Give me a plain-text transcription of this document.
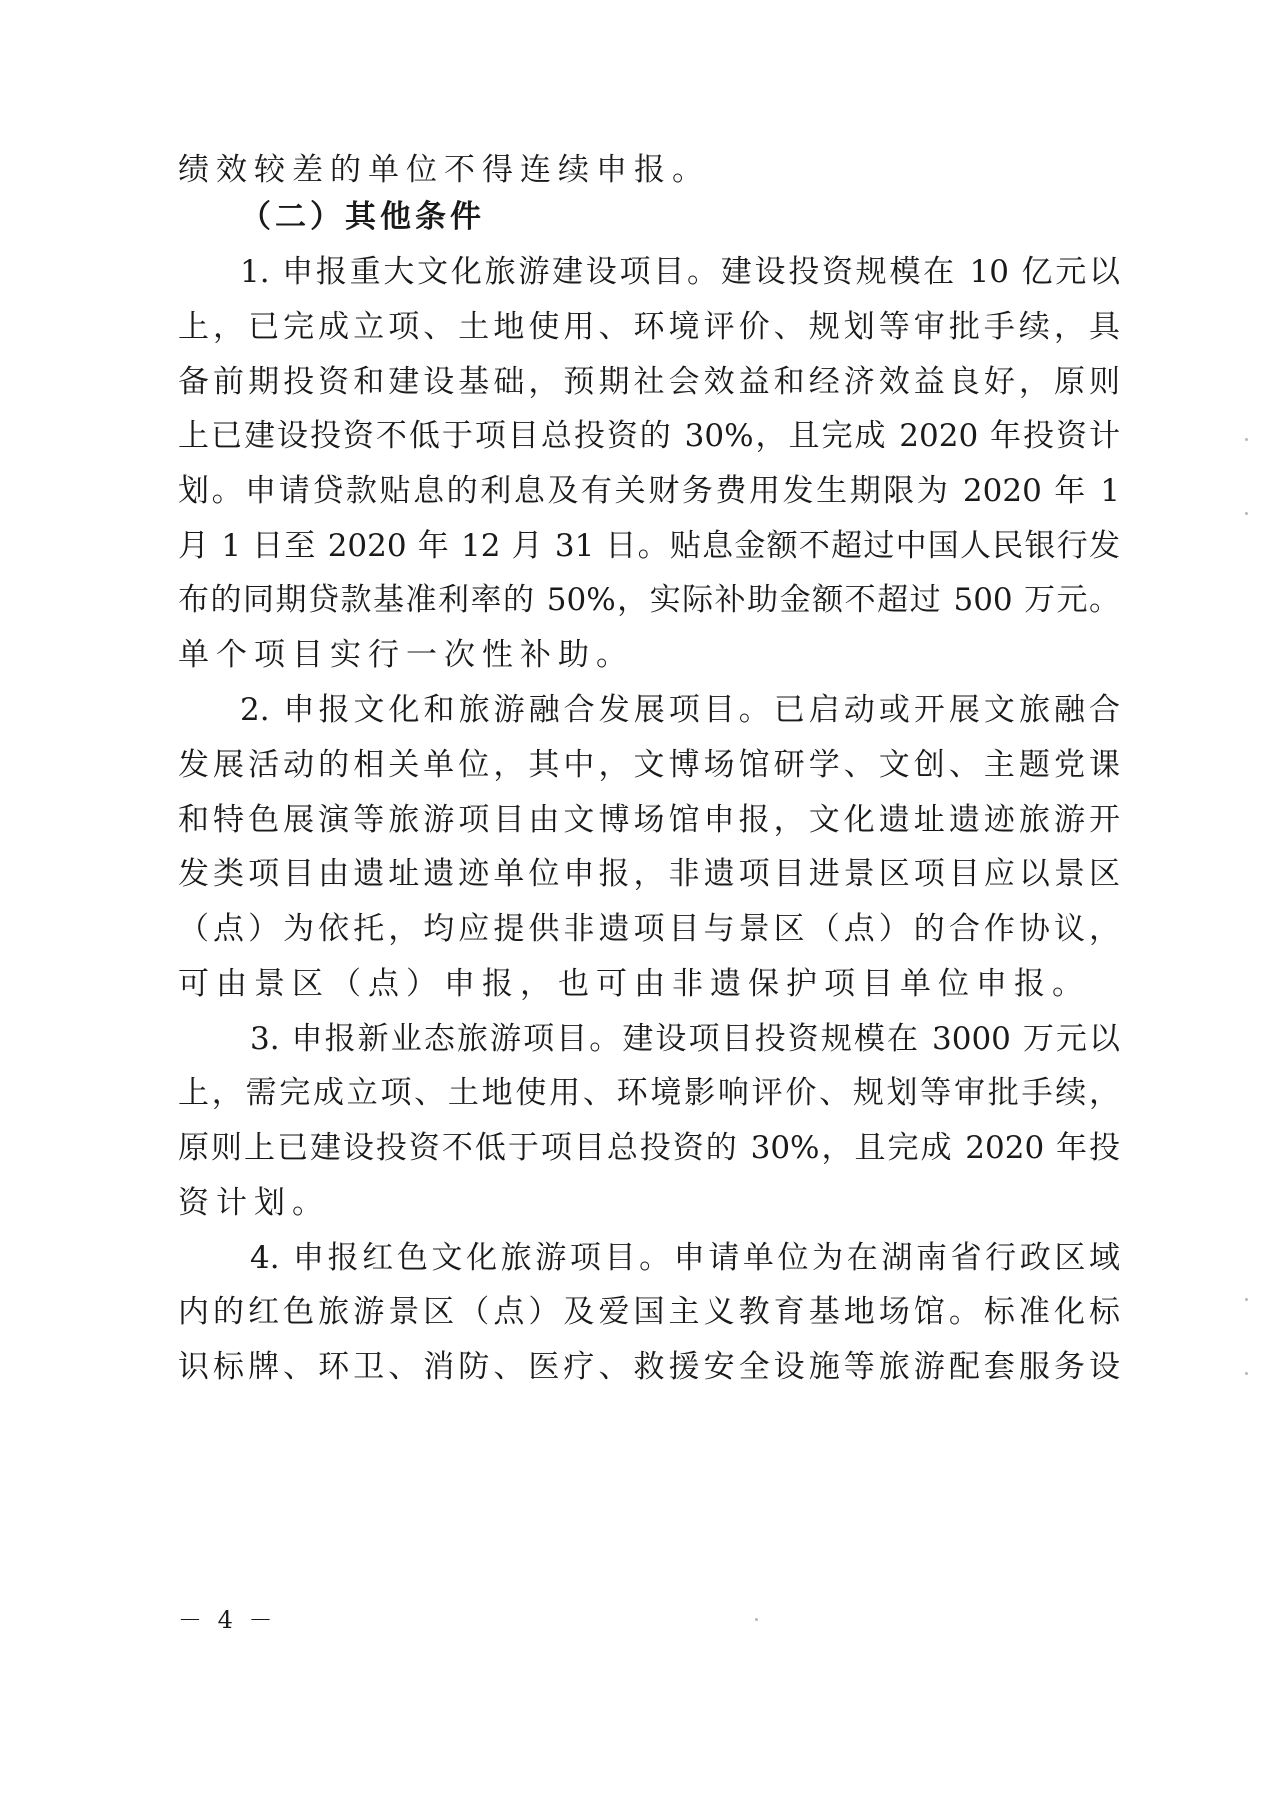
绩效较差的单位不得连续申报。
（二）其他条件
1. 申报重大文化旅游建设项目。建设投资规模在 10 亿元以
上，已完成立项、土地使用、环境评价、规划等审批手续，具
备前期投资和建设基础，预期社会效益和经济效益良好，原则
上已建设投资不低于项目总投资的 30%，且完成 2020 年投资计
划。申请贷款贴息的利息及有关财务费用发生期限为 2020 年 1
月 1 日至 2020 年 12 月 31 日。贴息金额不超过中国人民银行发
布的同期贷款基准利率的 50%，实际补助金额不超过 500 万元。
单个项目实行一次性补助。
2. 申报文化和旅游融合发展项目。已启动或开展文旅融合
发展活动的相关单位，其中，文博场馆研学、文创、主题党课
和特色展演等旅游项目由文博场馆申报，文化遗址遗迹旅游开
发类项目由遗址遗迹单位申报，非遗项目进景区项目应以景区
（点）为依托，均应提供非遗项目与景区（点）的合作协议，
可由景区（点）申报，也可由非遗保护项目单位申报。
3. 申报新业态旅游项目。建设项目投资规模在 3000 万元以
上，需完成立项、土地使用、环境影响评价、规划等审批手续，
原则上已建设投资不低于项目总投资的 30%，且完成 2020 年投
资计划。
4. 申报红色文化旅游项目。申请单位为在湖南省行政区域
内的红色旅游景区（点）及爱国主义教育基地场馆。标准化标
识标牌、环卫、消防、医疗、救援安全设施等旅游配套服务设
－ 4 －
